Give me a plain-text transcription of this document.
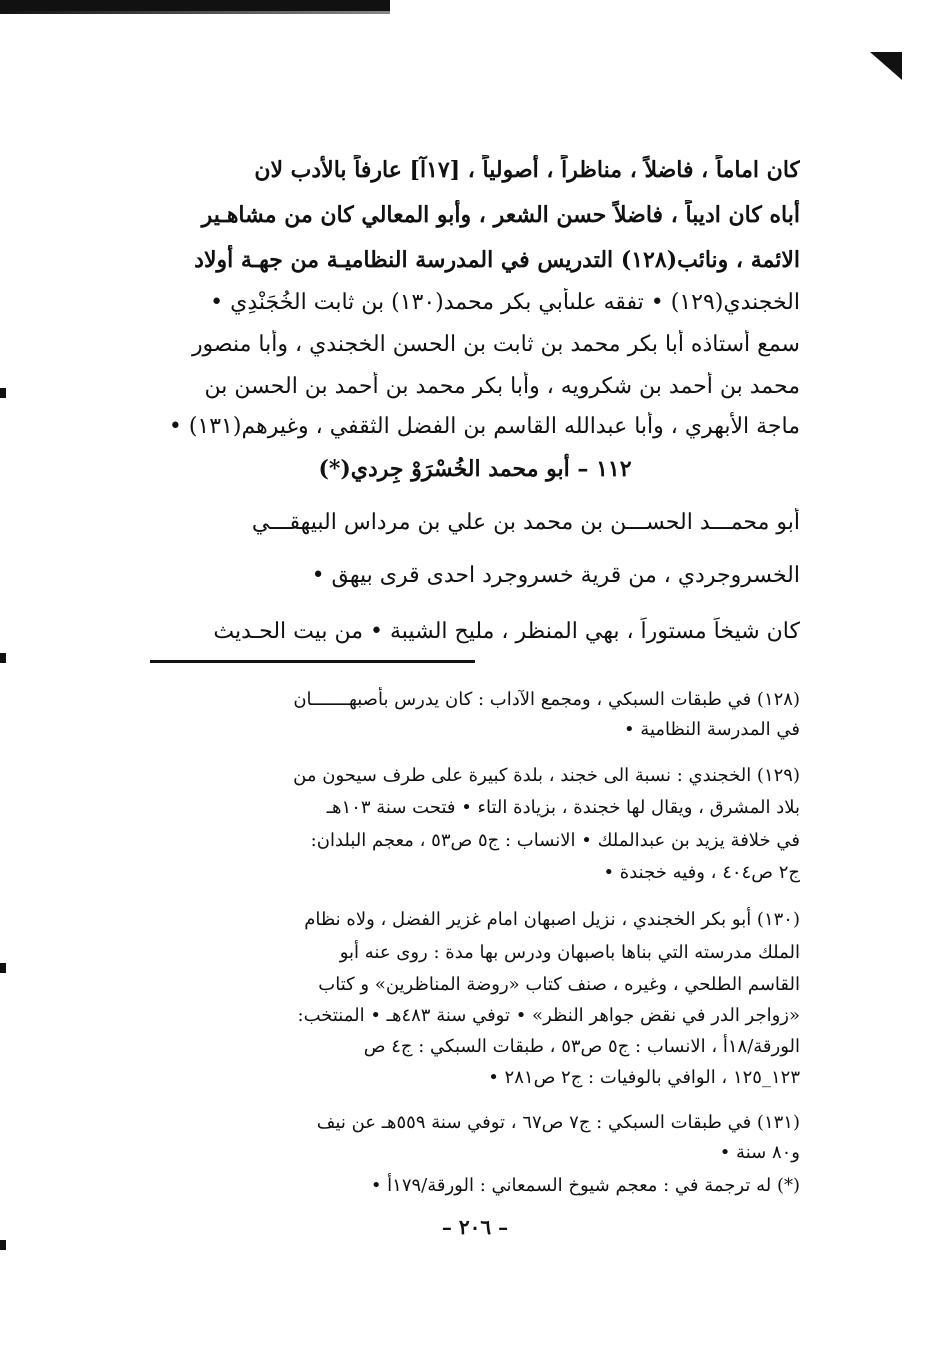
كان اماماً ، فاضلاً ، مناظراً ، أصولياً ، [١٧آ] عارفاً بالأدب لان
أباه كان اديباً ، فاضلاً حسن الشعر ، وأبو المعالي كان من مشاهـير
الائمة ، ونائب(١٢٨) التدريس في المدرسة النظاميـة من جهـة أولاد
الخجندي(١٢٩) • تفقه علىأبي بكر محمد(١٣٠) بن ثابت الخُجَنْدِي •
سمع أستاذه أبا بكر محمد بن ثابت بن الحسن الخجندي ، وأبا منصور
محمد بن أحمد بن شكرويه ، وأبا بكر محمد بن أحمد بن الحسن بن
ماجة الأبهري ، وأبا عبدالله القاسم بن الفضل الثقفي ، وغيرهم(١٣١) •
١١٢ – أبو محمد الخُسْرَوْ جِردي(*)
أبو محمـــد الحســـن بن محمد بن علي بن مرداس البيهقـــي
الخسروجردي ، من قرية خسروجرد احدى قرى بيهق •
كان شيخاً مستوراً ، بهي المنظر ، مليح الشيبة • من بيت الحـديث
(١٢٨) في طبقات السبكي ، ومجمع الآداب : كان يدرس بأصبهـــــــان
في المدرسة النظامية •
(١٢٩) الخجندي : نسبة الى خجند ، بلدة كبيرة على طرف سيحون من
بلاد المشرق ، ويقال لها خجندة ، بزيادة التاء • فتحت سنة ١٠٣هـ
في خلافة يزيد بن عبدالملك • الانساب : ج٥ ص٥٣ ، معجم البلدان:
ج٢ ص٤٠٤ ، وفيه خجندة •
(١٣٠) أبو بكر الخجندي ، نزيل اصبهان امام غزير الفضل ، ولاه نظام
الملك مدرسته التي بناها باصبهان ودرس بها مدة : روى عنه أبو
القاسم الطلحي ، وغيره ، صنف كتاب «روضة المناظرين» و كتاب
«زواجر الدر في نقض جواهر النظر» • توفي سنة ٤٨٣هـ • المنتخب:
الورقة/١٨أ ، الانساب : ج٥ ص٥٣ ، طبقات السبكي : ج٤ ص
١٢٣_١٢٥ ، الوافي بالوفيات : ج٢ ص٢٨١ •
(١٣١) في طبقات السبكي : ج٧ ص٦٧ ، توفي سنة ٥٥٩هـ عن نيف
و٨٠ سنة •
(*) له ترجمة في : معجم شيوخ السمعاني : الورقة/١٧٩أ •
– ٢٠٦ –
